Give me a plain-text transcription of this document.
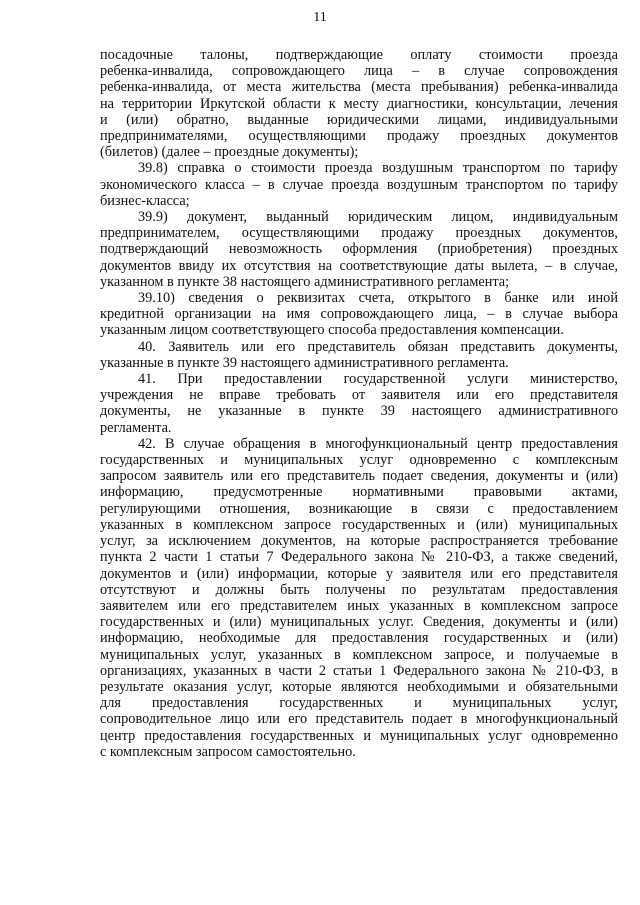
11

посадочные талоны, подтверждающие оплату стоимости проезда
ребенка-инвалида, сопровождающего лица – в случае сопровождения
ребенка-инвалида, от места жительства (места пребывания) ребенка-инвалида
на территории Иркутской области к месту диагностики, консультации, лечения
и (или) обратно, выданные юридическими лицами, индивидуальными
предпринимателями, осуществляющими продажу проездных документов
(билетов) (далее – проездные документы);

39.8) справка о стоимости проезда воздушным транспортом по тарифу
экономического класса – в случае проезда воздушным транспортом по тарифу
бизнес-класса;

39.9) документ, выданный юридическим лицом, индивидуальным
предпринимателем, осуществляющими продажу проездных документов,
подтверждающий невозможность оформления (приобретения) проездных
документов ввиду их отсутствия на соответствующие даты вылета, – в случае,
указанном в пункте 38 настоящего административного регламента;

39.10) сведения о реквизитах счета, открытого в банке или иной
кредитной организации на имя сопровождающего лица, – в случае выбора
указанным лицом соответствующего способа предоставления компенсации.

40. Заявитель или его представитель обязан представить документы,
указанные в пункте 39 настоящего административного регламента.

41. При предоставлении государственной услуги министерство,
учреждения не вправе требовать от заявителя или его представителя
документы, не указанные в пункте 39 настоящего административного
регламента.

42. В случае обращения в многофункциональный центр предоставления
государственных и муниципальных услуг одновременно с комплексным
запросом заявитель или его представитель подает сведения, документы и (или)
информацию, предусмотренные нормативными правовыми актами,
регулирующими отношения, возникающие в связи с предоставлением
указанных в комплексном запросе государственных и (или) муниципальных
услуг, за исключением документов, на которые распространяется требование
пункта 2 части 1 статьи 7 Федерального закона № 210-ФЗ, а также сведений,
документов и (или) информации, которые у заявителя или его представителя
отсутствуют и должны быть получены по результатам предоставления
заявителем или его представителем иных указанных в комплексном запросе
государственных и (или) муниципальных услуг. Сведения, документы и (или)
информацию, необходимые для предоставления государственных и (или)
муниципальных услуг, указанных в комплексном запросе, и получаемые в
организациях, указанных в части 2 статьи 1 Федерального закона № 210-ФЗ, в
результате оказания услуг, которые являются необходимыми и обязательными
для предоставления государственных и муниципальных услуг,
сопроводительное лицо или его представитель подает в многофункциональный
центр предоставления государственных и муниципальных услуг одновременно
с комплексным запросом самостоятельно.
